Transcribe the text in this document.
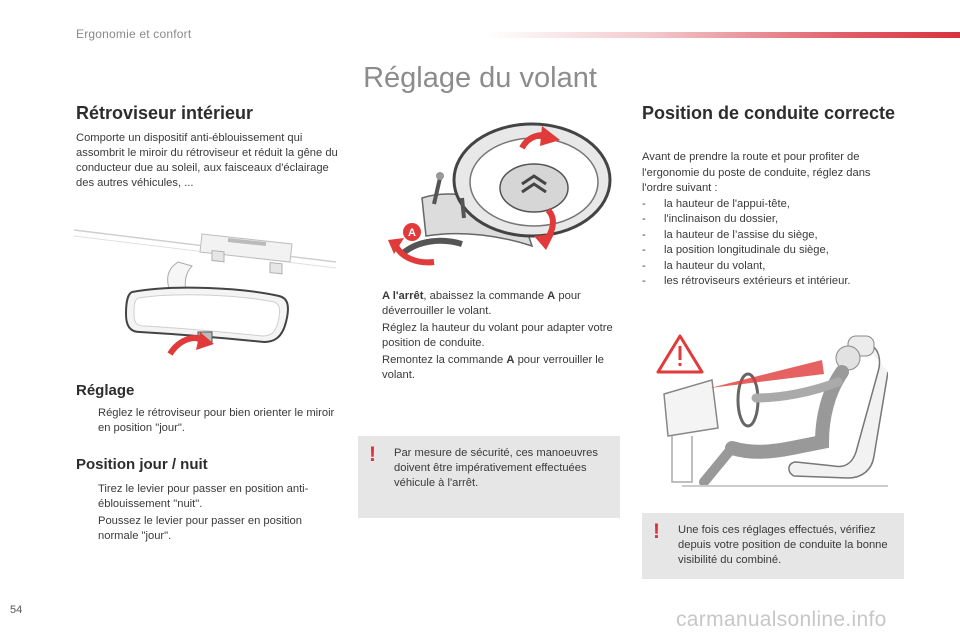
Ergonomie et confort
Réglage du volant
Rétroviseur intérieur
Comporte un dispositif anti-éblouissement qui assombrit le miroir du rétroviseur et réduit la gêne du conducteur due au soleil, aux faisceaux d'éclairage des autres véhicules, ...
Réglage
Réglez le rétroviseur pour bien orienter le miroir en position "jour".
Position jour / nuit
Tirez le levier pour passer en position anti-éblouissement "nuit".
Poussez le levier pour passer en position normale "jour".
A
A l'arrêt, abaissez la commande A pour déverrouiller le volant.
Réglez la hauteur du volant pour adapter votre position de conduite.
Remontez la commande A pour verrouiller le volant.
! Par mesure de sécurité, ces manoeuvres doivent être impérativement effectuées véhicule à l'arrêt.
Position de conduite correcte
Avant de prendre la route et pour profiter de l'ergonomie du poste de conduite, réglez dans l'ordre suivant :
- la hauteur de l'appui-tête,
- l'inclinaison du dossier,
- la hauteur de l’assise du siège,
- la position longitudinale du siège,
- la hauteur du volant,
- les rétroviseurs extérieurs et intérieur.
! Une fois ces réglages effectués, vérifiez depuis votre position de conduite la bonne visibilité du combiné.
54	carmanualsonline.info
